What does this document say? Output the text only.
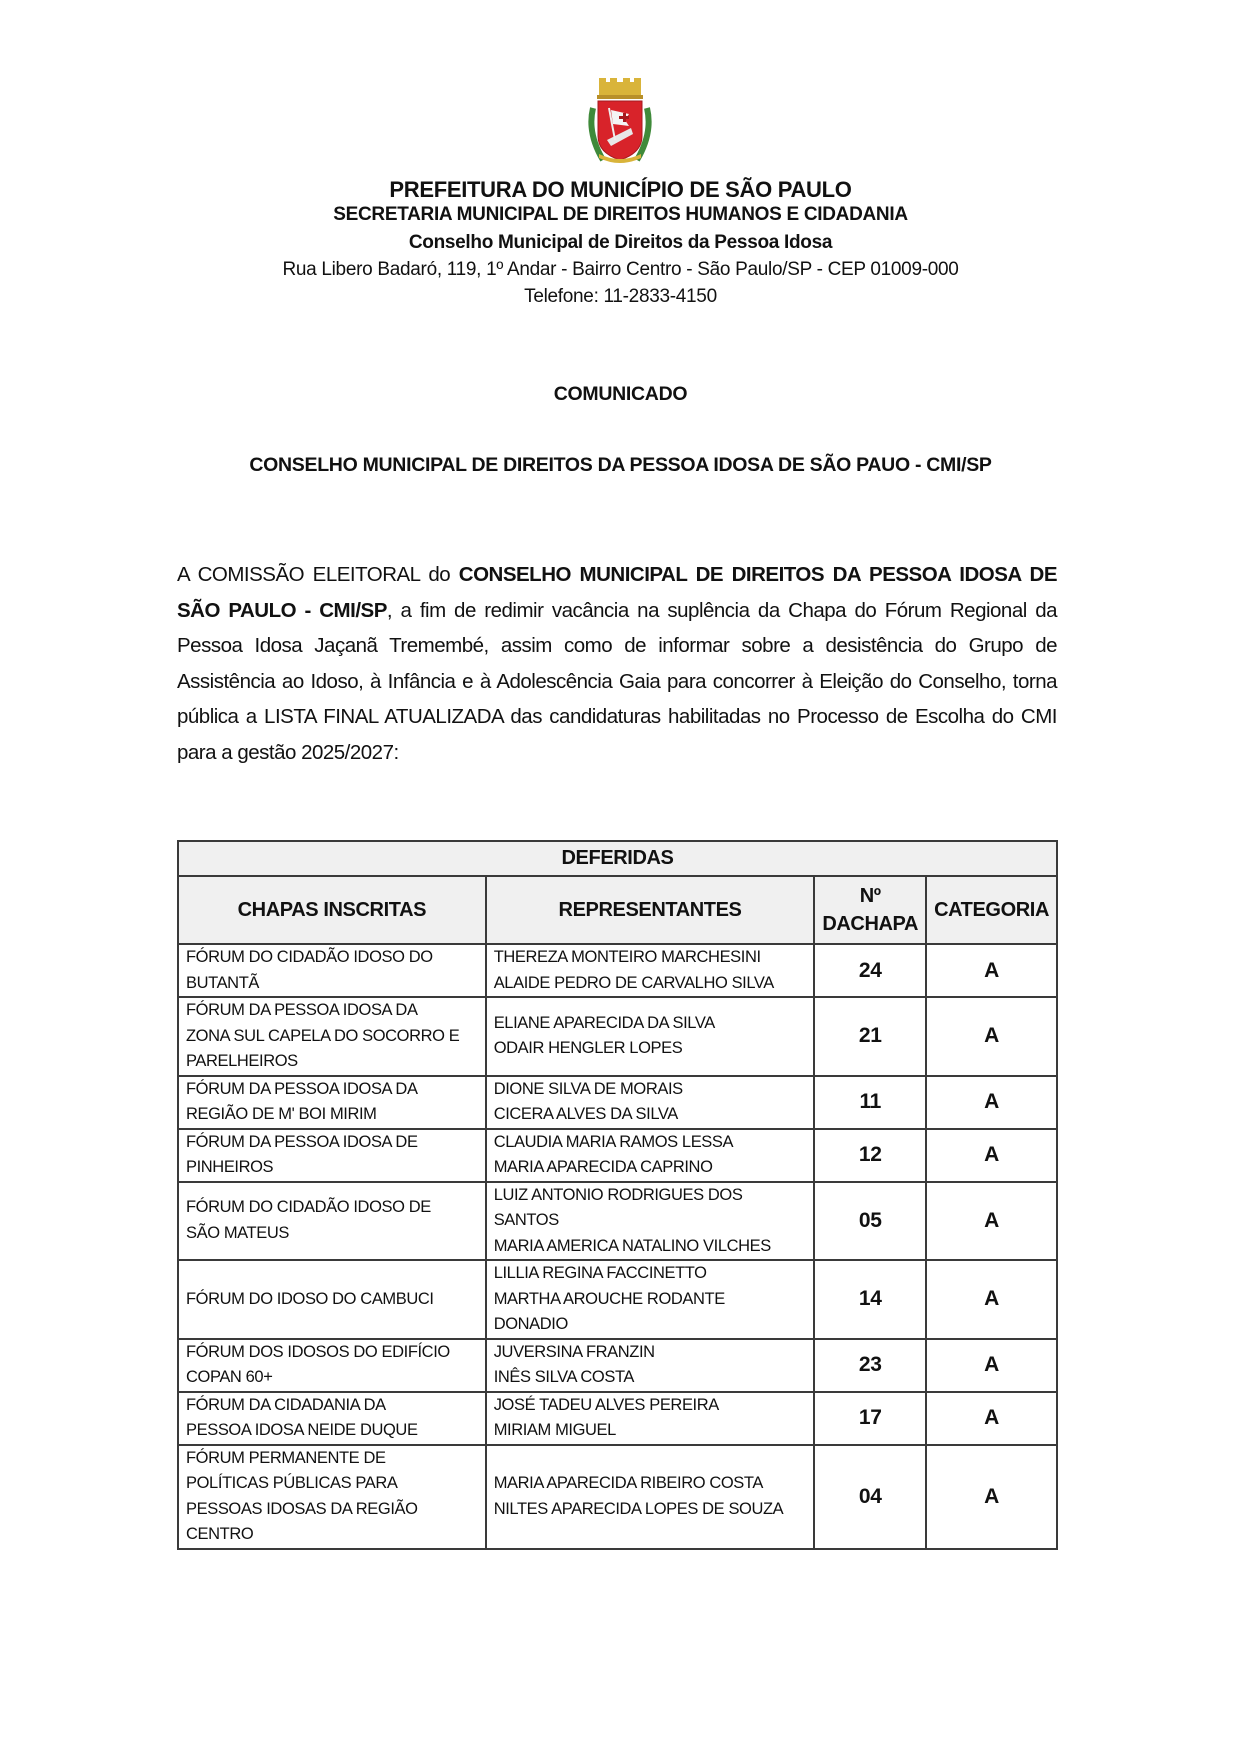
PREFEITURA DO MUNICÍPIO DE SÃO PAULO
SECRETARIA MUNICIPAL DE DIREITOS HUMANOS E CIDADANIA
Conselho Municipal de Direitos da Pessoa Idosa
Rua Libero Badaró, 119, 1º Andar - Bairro Centro - São Paulo/SP - CEP 01009-000
Telefone: 11-2833-4150
COMUNICADO
CONSELHO MUNICIPAL DE DIREITOS DA PESSOA IDOSA DE SÃO PAUO - CMI/SP

A COMISSÃO ELEITORAL do CONSELHO MUNICIPAL DE DIREITOS DA PESSOA IDOSA DE SÃO PAULO - CMI/SP, a fim de redimir vacância na suplência da Chapa do Fórum Regional da Pessoa Idosa Jaçanã Tremembé, assim como de informar sobre a desistência do Grupo de Assistência ao Idoso, à Infância e à Adolescência Gaia para concorrer à Eleição do Conselho, torna pública a LISTA FINAL ATUALIZADA das candidaturas habilitadas no Processo de Escolha do CMI para a gestão 2025/2027:

DEFERIDAS			
CHAPAS INSCRITAS	REPRESENTANTES	Nº DACHAPA	CATEGORIA

FÓRUM DO CIDADÃO IDOSO DO
BUTANTÃ	THEREZA MONTEIRO MARCHESINI
ALAIDE PEDRO DE CARVALHO SILVA	24	A

FÓRUM DA PESSOA IDOSA DA
ZONA SUL CAPELA DO SOCORRO E
PARELHEIROS	ELIANE APARECIDA DA SILVA
ODAIR HENGLER LOPES	21	A

FÓRUM DA PESSOA IDOSA DA
REGIÃO DE M' BOI MIRIM	DIONE SILVA DE MORAIS
CICERA ALVES DA SILVA	11	A

FÓRUM DA PESSOA IDOSA DE
PINHEIROS	CLAUDIA MARIA RAMOS LESSA
MARIA APARECIDA CAPRINO	12	A

FÓRUM DO CIDADÃO IDOSO DE
SÃO MATEUS	LUIZ ANTONIO RODRIGUES DOS
SANTOS
MARIA AMERICA NATALINO VILCHES	05	A

FÓRUM DO IDOSO DO CAMBUCI	LILLIA REGINA FACCINETTO
MARTHA AROUCHE RODANTE
DONADIO	14	A

FÓRUM DOS IDOSOS DO EDIFÍCIO
COPAN 60+	JUVERSINA FRANZIN
INÊS SILVA COSTA	23	A

FÓRUM DA CIDADANIA DA
PESSOA IDOSA NEIDE DUQUE	JOSÉ TADEU ALVES PEREIRA
MIRIAM MIGUEL	17	A

FÓRUM PERMANENTE DE
POLÍTICAS PÚBLICAS PARA
PESSOAS IDOSAS DA REGIÃO
CENTRO	MARIA APARECIDA RIBEIRO COSTA
NILTES APARECIDA LOPES DE SOUZA	04	A
